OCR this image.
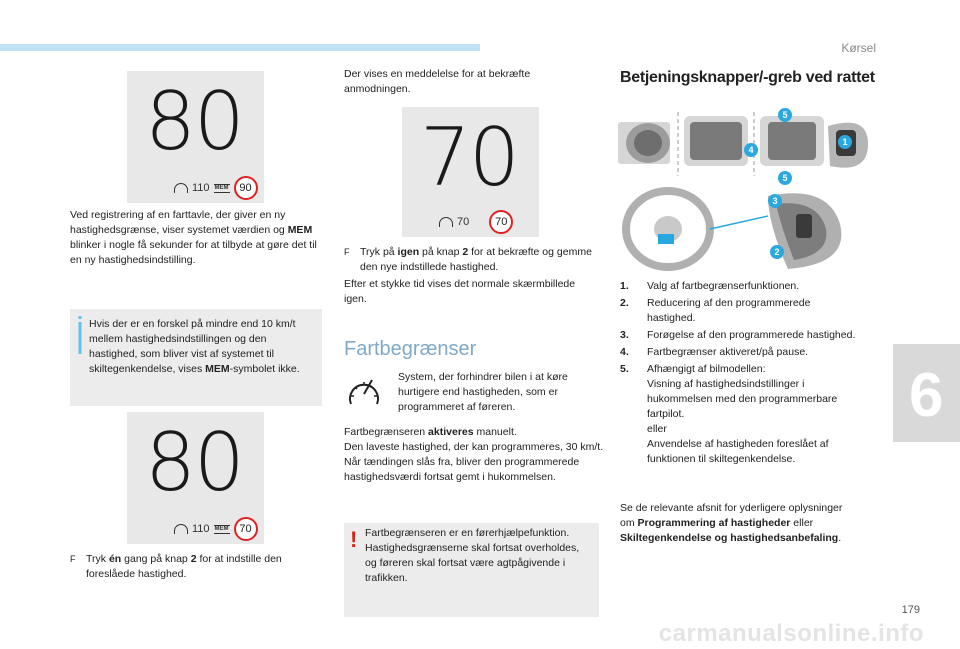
Kørsel
6
179
carmanualsonline.info
80
110 MEM 90
Ved registrering af en farttavle, der giver en ny hastighedsgrænse, viser systemet værdien og MEM blinker i nogle få sekunder for at tilbyde at gøre det til en ny hastighedsindstilling.
Hvis der er en forskel på mindre end 10 km/t mellem hastighedsindstillingen og den hastighed, som bliver vist af systemet til skiltegenkendelse, vises MEM-symbolet ikke.
80
110 MEM 70
F	Tryk én gang på knap 2 for at indstille den foreslåede hastighed.
Der vises en meddelelse for at bekræfte anmodningen.
70
70	70
F	Tryk på igen på knap 2 for at bekræfte og gemme den nye indstillede hastighed.
Efter et stykke tid vises det normale skærmbillede igen.
Fartbegrænser
System, der forhindrer bilen i at køre hurtigere end hastigheden, som er programmeret af føreren.
Fartbegrænseren aktiveres manuelt.
Den laveste hastighed, der kan programmeres, 30 km/t.
Når tændingen slås fra, bliver den programmerede hastighedsværdi fortsat gemt i hukommelsen.
! Fartbegrænseren er en førerhjælpefunktion. Hastighedsgrænserne skal fortsat overholdes, og føreren skal fortsat være agtpågivende i trafikken.
Betjeningsknapper/-greb ved rattet
5
4
5
1
3
2
1.	Valg af fartbegrænserfunktionen.
2.	Reducering af den programmerede hastighed.
3.	Forøgelse af den programmerede hastighed.
4.	Fartbegrænser aktiveret/på pause.
5.	Afhængigt af bilmodellen:
Visning af hastighedsindstillinger i hukommelsen med den programmerbare fartpilot.
eller
Anvendelse af hastigheden foreslået af funktionen til skiltegenkendelse.
Se de relevante afsnit for yderligere oplysninger om Programmering af hastigheder eller Skiltegenkendelse og hastighedsanbefaling.
